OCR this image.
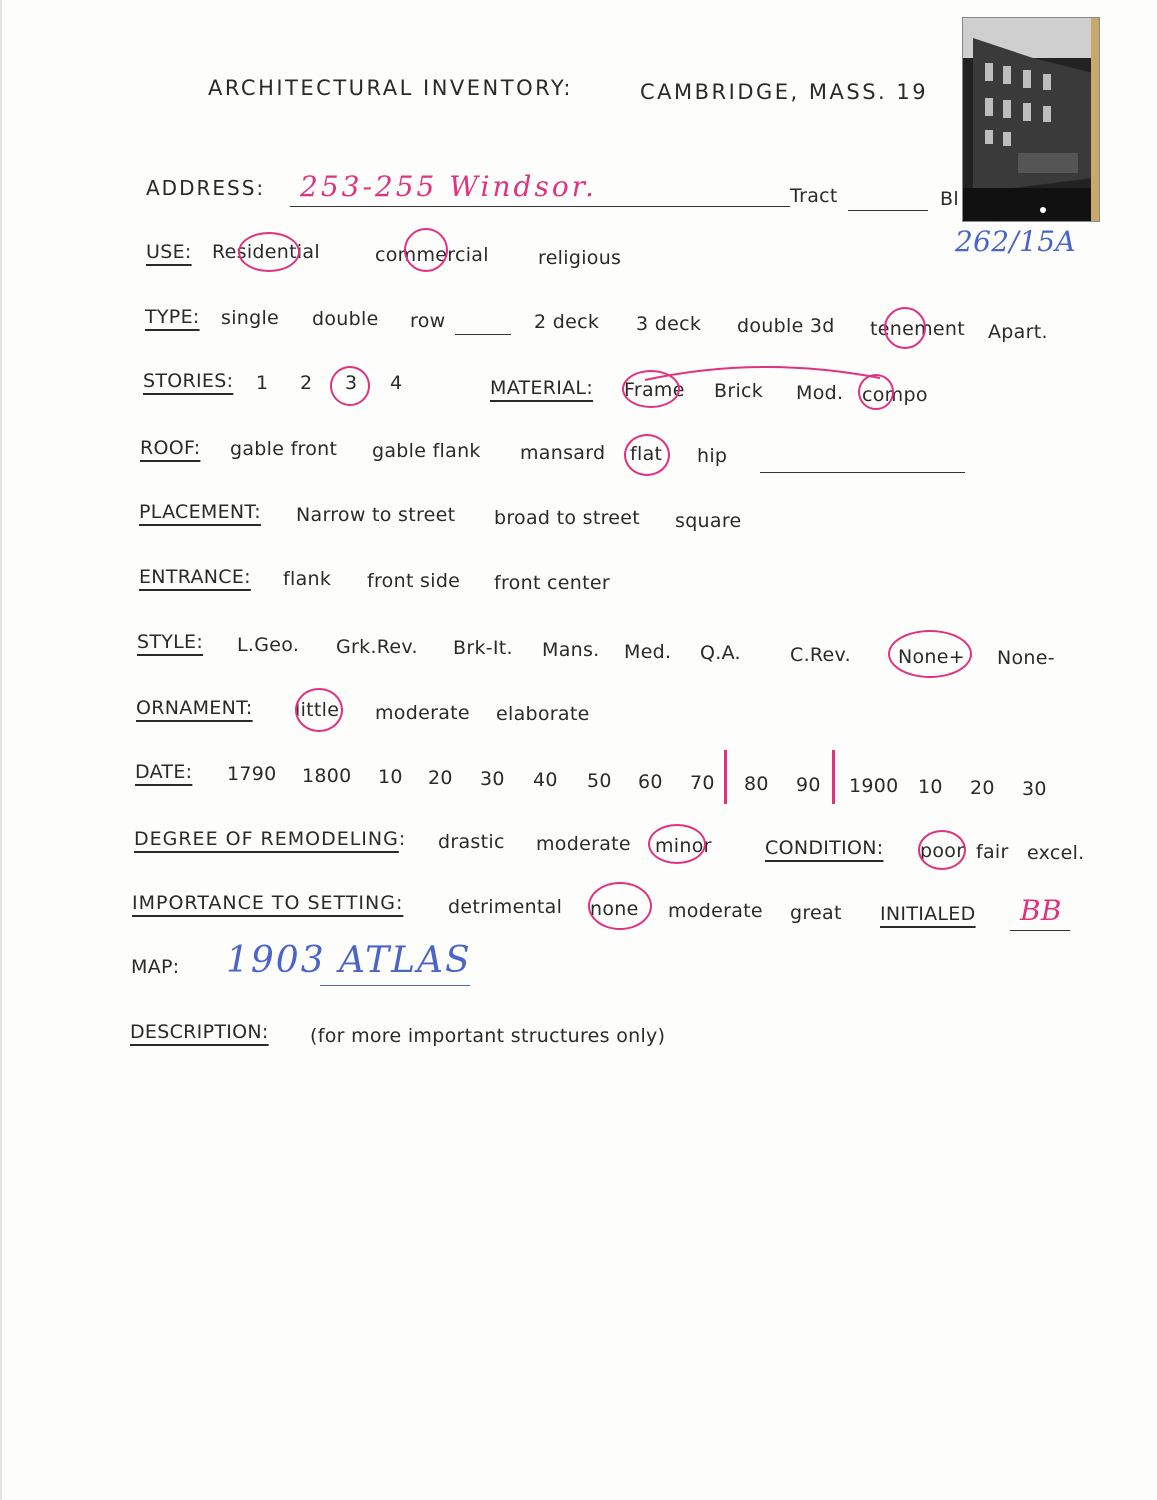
ARCHITECTURAL INVENTORY:	CAMBRIDGE, MASS. 19
ADDRESS: 253-255 Windsor.	Tract	Bl
262/15A
USE: Residential	commercial	religious
TYPE: single double row	2 deck 3 deck double 3d tenement Apart.
STORIES: 1 2 3 4	MATERIAL: Frame Brick Mod. compo
ROOF: gable front gable flank mansard flat hip
PLACEMENT: Narrow to street broad to street square
ENTRANCE: flank front side front center
STYLE: L.Geo. Grk.Rev. Brk-It. Mans. Med. Q.A.	C.Rev. None+ None-
ORNAMENT: little moderate elaborate
DATE: 1790 1800 10 20 30 40 50 60 70 80 90 1900 10 20 30
DEGREE OF REMODELING: drastic moderate minor	CONDITION: poor fair excel.
IMPORTANCE TO SETTING: detrimental none moderate great INITIALED BB
MAP: 1903 ATLAS
DESCRIPTION: (for more important structures only)
